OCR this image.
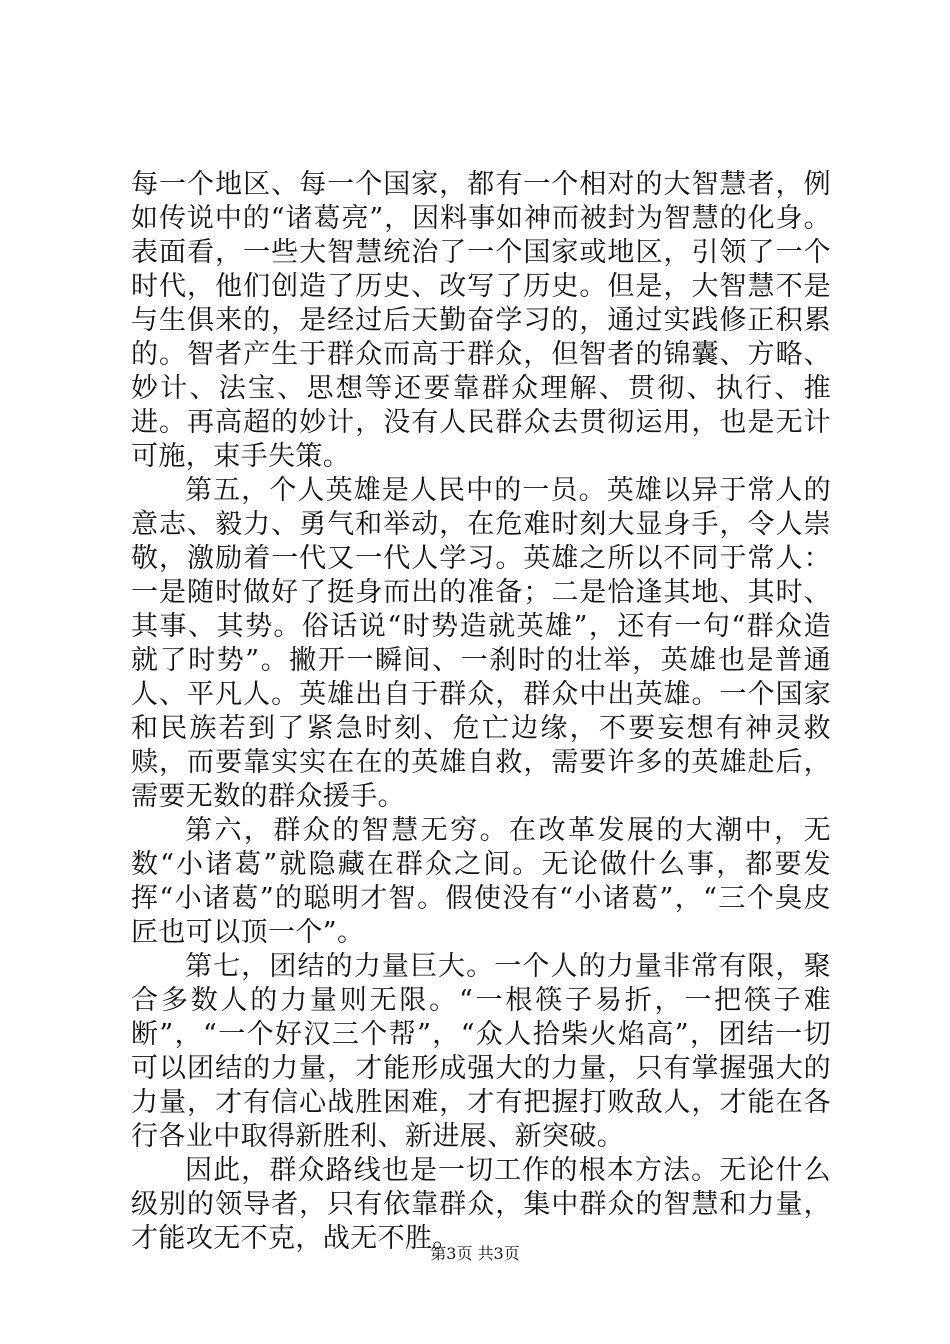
每一个地区、每一个国家，都有一个相对的大智慧者，例如传说中的“诸葛亮”，因料事如神而被封为智慧的化身。表面看，一些大智慧统治了一个国家或地区，引领了一个时代，他们创造了历史、改写了历史。但是，大智慧不是与生俱来的，是经过后天勤奋学习的，通过实践修正积累的。智者产生于群众而高于群众，但智者的锦囊、方略、妙计、法宝、思想等还要靠群众理解、贯彻、执行、推进。再高超的妙计，没有人民群众去贯彻运用，也是无计可施，束手失策。

第五，个人英雄是人民中的一员。英雄以异于常人的意志、毅力、勇气和举动，在危难时刻大显身手，令人崇敬，激励着一代又一代人学习。英雄之所以不同于常人：一是随时做好了挺身而出的准备；二是恰逢其地、其时、其事、其势。俗话说“时势造就英雄”，还有一句“群众造就了时势”。撇开一瞬间、一刹时的壮举，英雄也是普通人、平凡人。英雄出自于群众，群众中出英雄。一个国家和民族若到了紧急时刻、危亡边缘，不要妄想有神灵救赎，而要靠实实在在的英雄自救，需要许多的英雄赴后，需要无数的群众援手。

第六，群众的智慧无穷。在改革发展的大潮中，无数“小诸葛”就隐藏在群众之间。无论做什么事，都要发挥“小诸葛”的聪明才智。假使没有“小诸葛”，“三个臭皮匠也可以顶一个”。

第七，团结的力量巨大。一个人的力量非常有限，聚合多数人的力量则无限。“一根筷子易折，一把筷子难断”，“一个好汉三个帮”，“众人拾柴火焰高”，团结一切可以团结的力量，才能形成强大的力量，只有掌握强大的力量，才有信心战胜困难，才有把握打败敌人，才能在各行各业中取得新胜利、新进展、新突破。

因此，群众路线也是一切工作的根本方法。无论什么级别的领导者，只有依靠群众，集中群众的智慧和力量，才能攻无不克，战无不胜。

第3页 共3页
